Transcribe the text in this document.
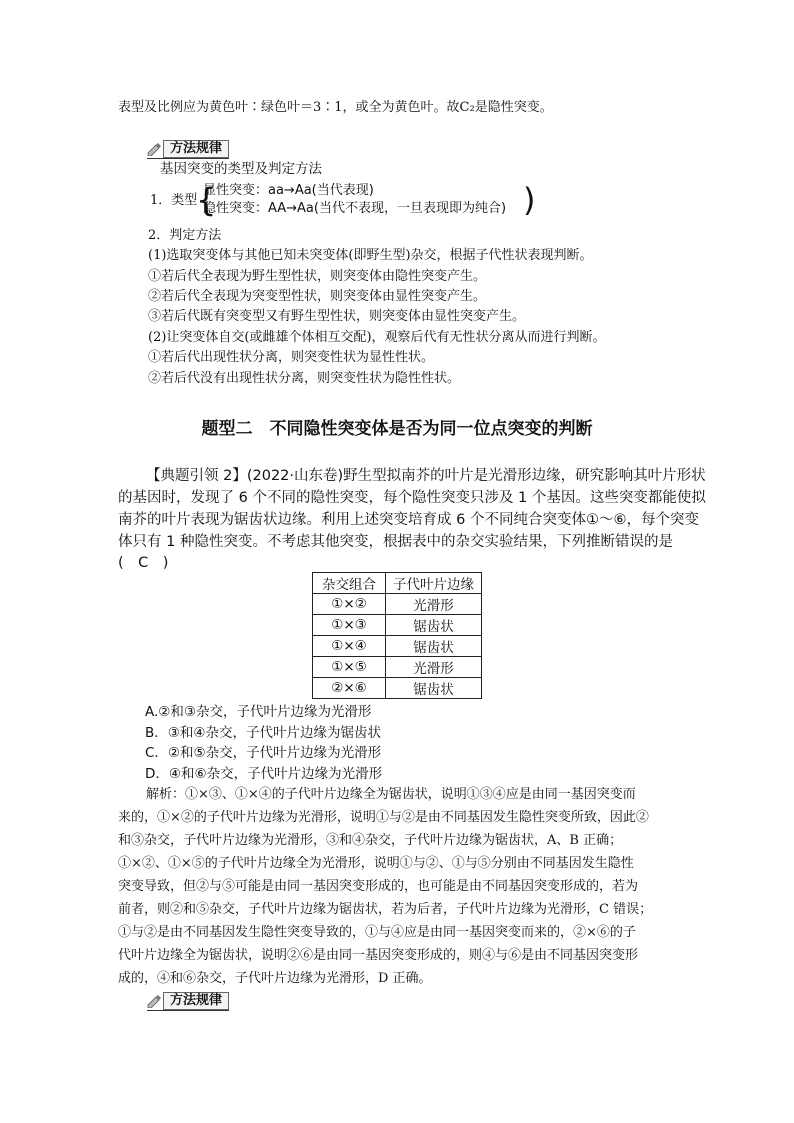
表型及比例应为黄色叶∶绿色叶＝3∶1，或全为黄色叶。故C₂是隐性突变。
方法规律
基因突变的类型及判定方法
1．类型
{
显性突变：aa→Aa(当代表现)
隐性突变：AA→Aa(当代不表现，一旦表现即为纯合) )
2．判定方法
(1)选取突变体与其他已知未突变体(即野生型)杂交，根据子代性状表现判断。
①若后代全表现为野生型性状，则突变体由隐性突变产生。
②若后代全表现为突变型性状，则突变体由显性突变产生。
③若后代既有突变型又有野生型性状，则突变体由显性突变产生。
(2)让突变体自交(或雌雄个体相互交配)，观察后代有无性状分离从而进行判断。
①若后代出现性状分离，则突变性状为显性性状。
②若后代没有出现性状分离，则突变性状为隐性性状。
题型二　不同隐性突变体是否为同一位点突变的判断
【典题引领 2】(2022·山东卷)野生型拟南芥的叶片是光滑形边缘，研究影响其叶片形状
的基因时，发现了 6 个不同的隐性突变，每个隐性突变只涉及 1 个基因。这些突变都能使拟
南芥的叶片表现为锯齿状边缘。利用上述突变培育成 6 个不同纯合突变体①～⑥，每个突变
体只有 1 种隐性突变。不考虑其他突变，根据表中的杂交实验结果，下列推断错误的是
(　C　)
杂交组合	子代叶片边缘
①×②	光滑形
①×③	锯齿状
①×④	锯齿状
①×⑤	光滑形
②×⑥	锯齿状
A.②和③杂交，子代叶片边缘为光滑形
B．③和④杂交，子代叶片边缘为锯齿状
C．②和⑤杂交，子代叶片边缘为光滑形
D．④和⑥杂交，子代叶片边缘为光滑形
解析：①×③、①×④的子代叶片边缘全为锯齿状，说明①③④应是由同一基因突变而
来的，①×②的子代叶片边缘为光滑形，说明①与②是由不同基因发生隐性突变所致，因此②
和③杂交，子代叶片边缘为光滑形，③和④杂交，子代叶片边缘为锯齿状，A、B 正确；
①×②、①×⑤的子代叶片边缘全为光滑形，说明①与②、①与⑤分别由不同基因发生隐性
突变导致，但②与⑤可能是由同一基因突变形成的，也可能是由不同基因突变形成的，若为
前者，则②和⑤杂交，子代叶片边缘为锯齿状，若为后者，子代叶片边缘为光滑形，C 错误；
①与②是由不同基因发生隐性突变导致的，①与④应是由同一基因突变而来的，②×⑥的子
代叶片边缘全为锯齿状，说明②⑥是由同一基因突变形成的，则④与⑥是由不同基因突变形
成的，④和⑥杂交，子代叶片边缘为光滑形，D 正确。
方法规律
